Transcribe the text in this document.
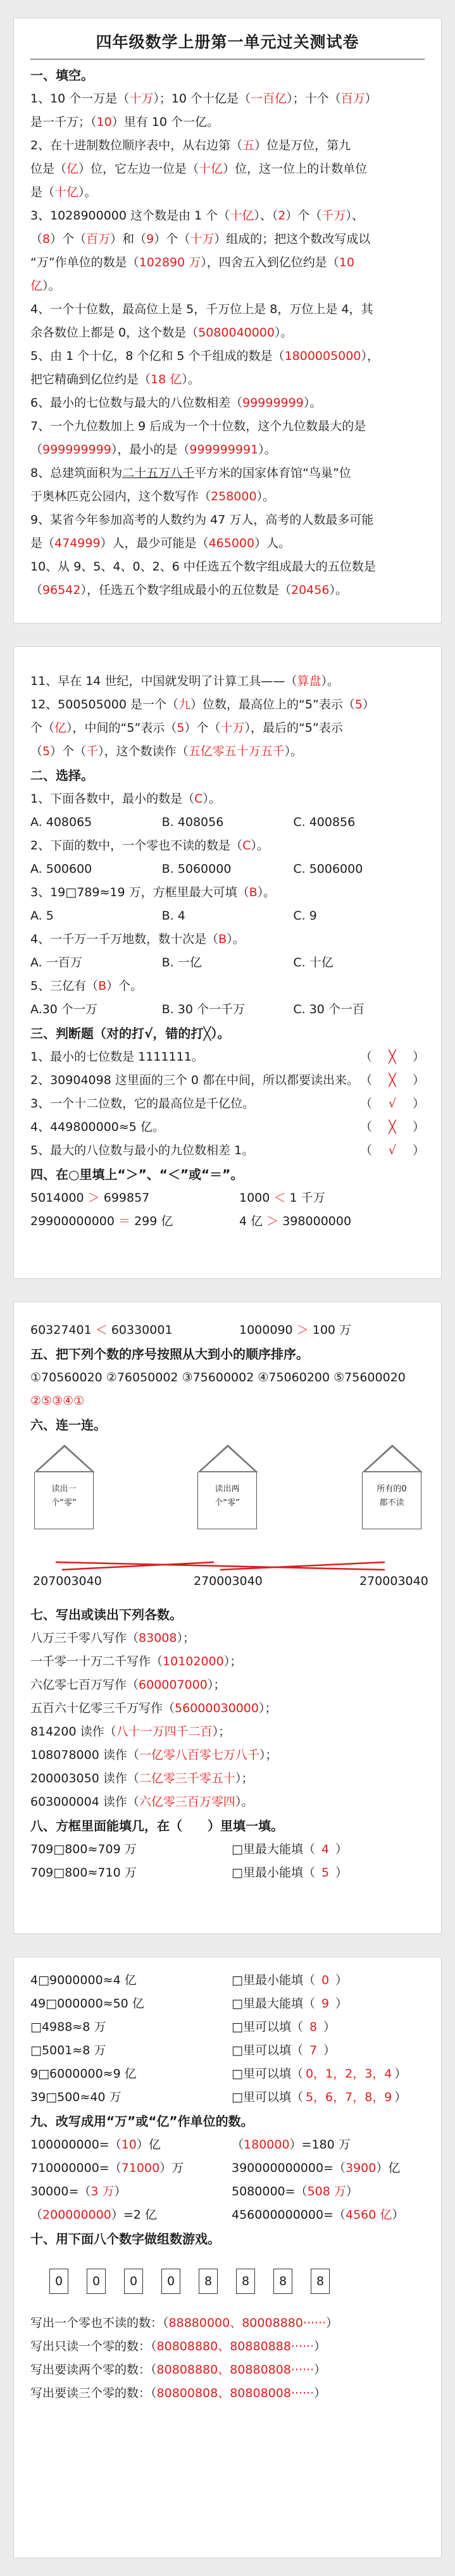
四年级数学上册第一单元过关测试卷
一、填空。
1、10 个一万是（十万）；10 个十亿是（一百亿）；十个（百万）
是一千万；（10）里有 10 个一亿。
2、在十进制数位顺序表中，从右边第（五）位是万位，第九
位是（亿）位，它左边一位是（十亿）位，这一位上的计数单位
是（十亿）。
3、1028900000 这个数是由 1 个（十亿）、（2）个（千万）、
（8）个（百万）和（9）个（十万）组成的；把这个数改写成以
“万”作单位的数是（102890 万），四舍五入到亿位约是（10
亿）。
4、一个十位数，最高位上是 5，千万位上是 8，万位上是 4，其
余各数位上都是 0，这个数是（5080040000）。
5、由 1 个十亿，8 个亿和 5 个千组成的数是（1800005000），
把它精确到亿位约是（18 亿）。
6、最小的七位数与最大的八位数相差（99999999）。
7、一个九位数加上 9 后成为一个十位数，这个九位数最大的是
（999999999），最小的是（999999991）。
8、总建筑面积为二十五万八千平方米的国家体育馆“鸟巢”位
于奥林匹克公园内，这个数写作（258000）。
9、某省今年参加高考的人数约为 47 万人，高考的人数最多可能
是（474999）人，最少可能是（465000）人。
10、从 9、5、4、0、2、6 中任选五个数字组成最大的五位数是
（96542），任选五个数字组成最小的五位数是（20456）。
11、早在 14 世纪，中国就发明了计算工具——（算盘）。
12、500505000 是一个（九）位数，最高位上的“5”表示（5）
个（亿），中间的“5”表示（5）个（十万），最后的“5”表示
（5）个（千），这个数读作（五亿零五十万五千）。
二、选择。
1、下面各数中，最小的数是（C）。
A. 408065	B. 408056	C. 400856
2、下面的数中，一个零也不读的数是（C）。
A. 500600	B. 5060000	C. 5006000
3、19□789≈19 万，方框里最大可填（B）。
A. 5	B. 4	C. 9
4、一千万一千万地数，数十次是（B）。
A. 一百万	B. 一亿	C. 十亿
5、三亿有（B）个。
A.30 个一万	B. 30 个一千万	C. 30 个一百
三、判断题（对的打√，错的打╳）。
1、最小的七位数是 1111111。	（	╳	）
2、30904098 这里面的三个 0 都在中间，所以都要读出来。 （	╳	）
3、一个十二位数，它的最高位是千亿位。	（	√	）
4、449800000≈5 亿。	（	╳	）
5、最大的八位数与最小的九位数相差 1。	（	√	）
四、在○里填上“＞”、“＜”或“＝”。
5014000 ＞ 699857	1000 ＜ 1 千万
29900000000 ＝ 299 亿	4 亿 ＞ 398000000
60327401 ＜ 60330001	1000090 ＞ 100 万
五、把下列个数的序号按照从大到小的顺序排序。
①70560020 ②76050002 ③75600002 ④75060200 ⑤75600020
②⑤③④①
六、连一连。
读出一
个“零”
读出两
个“零”
所有的0
都不读
207003040	270003040	270003040
七、写出或读出下列各数。
八万三千零八写作（83008）；
一千零一十万二千写作（10102000）；
六亿零七百万写作（600007000）；
五百六十亿零三千万写作（56000030000）；
814200 读作（八十一万四千二百）；
108078000 读作（一亿零八百零七万八千）；
200003050 读作（二亿零三千零五十）；
603000004 读作（六亿零三百万零四）。
八、方框里面能填几，在（　　）里填一填。
709□800≈709 万	□里最大能填（ 4 ）
709□800≈710 万	□里最小能填（ 5 ）
4□9000000≈4 亿	□里最小能填（ 0 ）
49□000000≈50 亿	□里最大能填（ 9 ）
□4988≈8 万	□里可以填（ 8 ）
□5001≈8 万	□里可以填（ 7 ）
9□6000000≈9 亿	□里可以填（ 0，1，2，3，4 ）
39□500≈40 万	□里可以填（ 5，6，7，8，9 ）
九、改写成用“万”或“亿”作单位的数。
100000000=（10）亿	（180000）=180 万
710000000=（71000）万	390000000000=（3900）亿
30000=（3 万）	5080000=（508 万）
（200000000）=2 亿	456000000000=（4560 亿）
十、用下面八个数字做组数游戏。
0	0	0	0	8	8	8	8
写出一个零也不读的数：（88880000、80008880······）
写出只读一个零的数：（80808880、80880888······）
写出要读两个零的数：（80808880、80880808······）
写出要读三个零的数：（80800808、80808008······）
